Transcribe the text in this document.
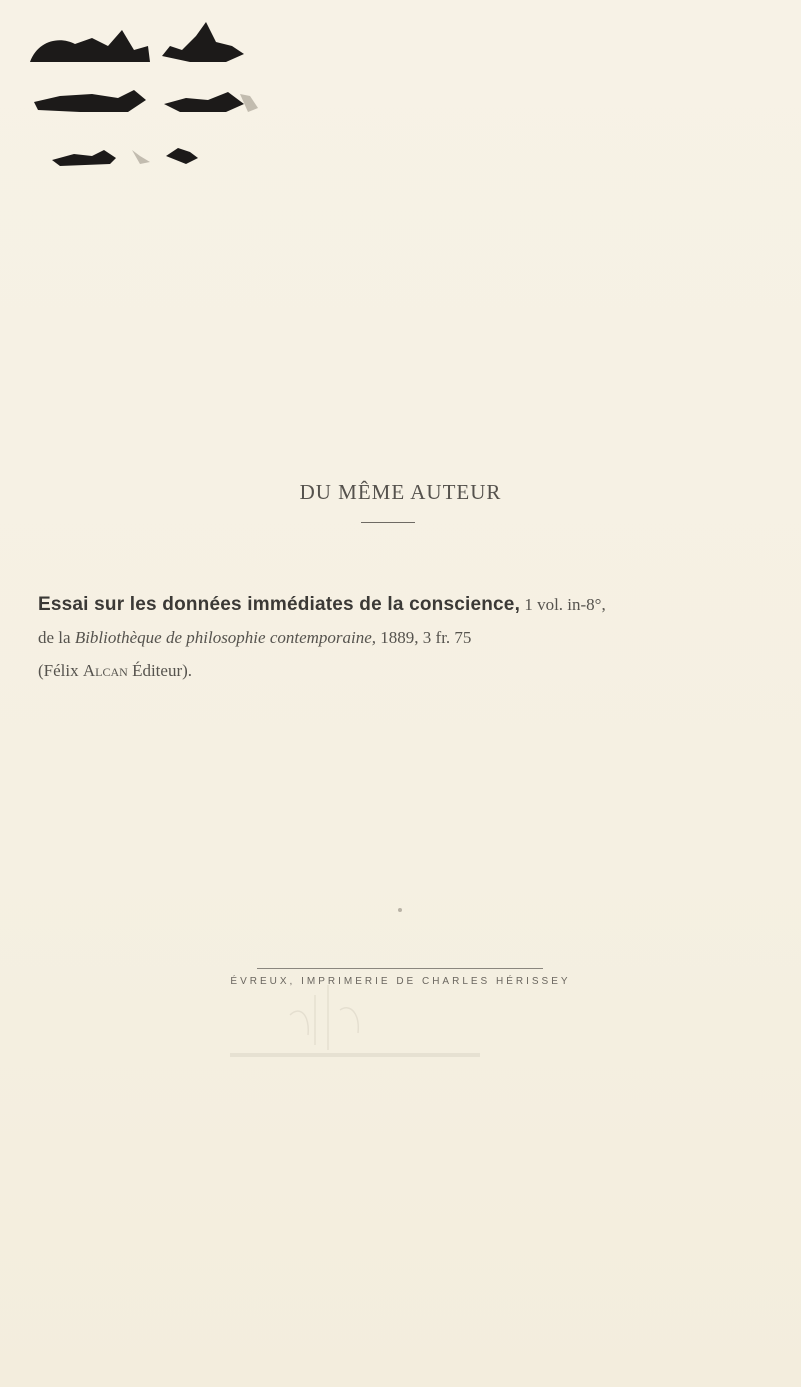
DU MÊME AUTEUR
Essai sur les données immédiates de la conscience, 1 vol. in-8°,
de la Bibliothèque de philosophie contemporaine, 1889, 3 fr. 75
(Félix Alcan Éditeur).
ÉVREUX, IMPRIMERIE DE CHARLES HÉRISSEY
